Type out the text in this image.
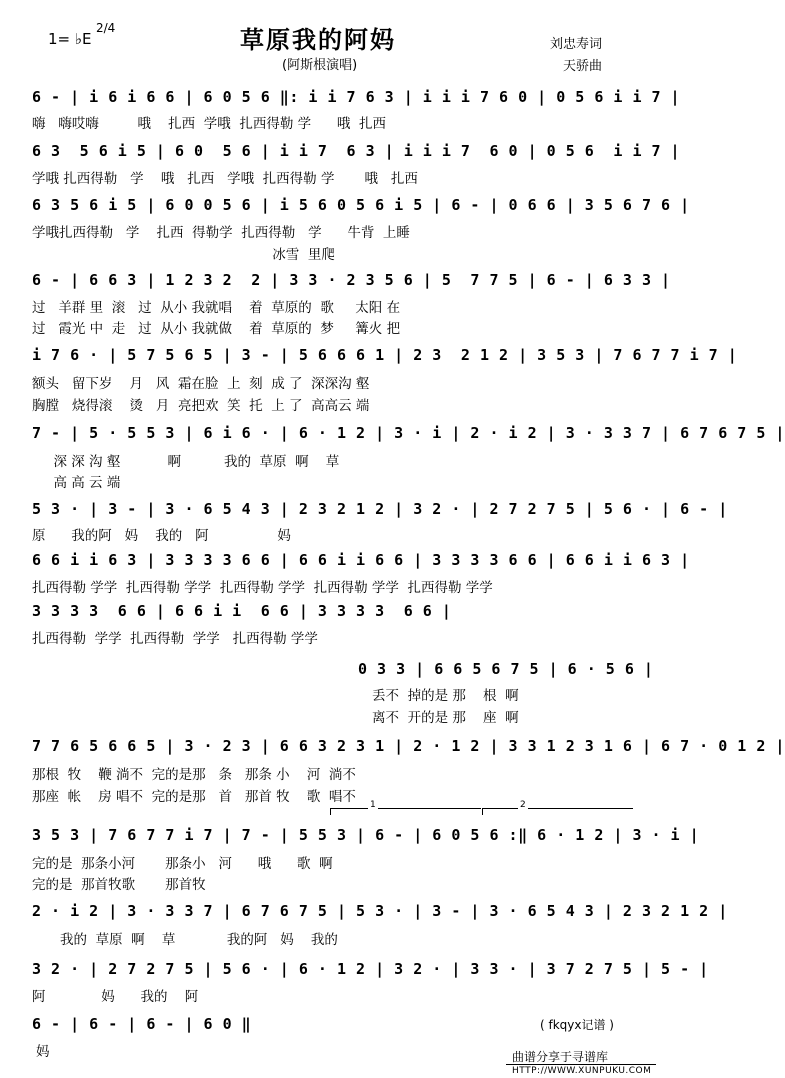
1= ♭E
2/4	草原我的阿妈
(阿斯根演唱)
刘忠寿词
天骄曲
6 - | i 6 i 6 6 | 6 0 5 6 ‖: i i 7 6 3 | i i i 7 6 0 | 0 5 6 i i 7 |
嗨   嗨哎嗨         哦    扎西  学哦  扎西得勒 学      哦  扎西
6 3  5 6 i 5 | 6 0  5 6 | i i 7  6 3 | i i i 7  6 0 | 0 5 6  i i 7 |
学哦 扎西得勒   学    哦   扎西   学哦  扎西得勒 学       哦   扎西
6 3 5 6 i 5 | 6 0 0 5 6 | i 5 6 0 5 6 i 5 | 6 - | 0 6 6 | 3 5 6 7 6 |
学哦扎西得勒   学    扎西  得勒学  扎西得勒   学      牛背  上睡
冰雪  里爬
6 - | 6 6 3 | 1 2 3 2  2 | 3 3 · 2 3 5 6 | 5  7 7 5 | 6 - | 6 3 3 |
过   羊群 里  滚   过  从小 我就唱    着  草原的  歌     太阳 在
过   霞光 中  走   过  从小 我就做    着  草原的  梦     篝火 把
i 7 6 · | 5 7 5 6 5 | 3 - | 5 6 6 6 1 | 2 3  2 1 2 | 3 5 3 | 7 6 7 7 i 7 |
额头   留下岁    月   风  霜在脸  上  刻  成 了  深深沟 壑
胸膛   烧得滚    烫   月  亮把欢  笑  托  上 了  高高云 端
7 - | 5 · 5 5 3 | 6 i 6 · | 6 · 1 2 | 3 · i | 2 · i 2 | 3 · 3 3 7 | 6 7 6 7 5 |
深 深 沟 壑           啊          我的  草原  啊    草
高 高 云 端
5 3 · | 3 - | 3 · 6 5 4 3 | 2 3 2 1 2 | 3 2 · | 2 7 2 7 5 | 5 6 · | 6 - |
原      我的阿   妈    我的   阿                妈
6 6 i i 6 3 | 3 3 3 3 6 6 | 6 6 i i 6 6 | 3 3 3 3 6 6 | 6 6 i i 6 3 |
扎西得勒 学学  扎西得勒 学学  扎西得勒 学学  扎西得勒 学学  扎西得勒 学学
3 3 3 3  6 6 | 6 6 i i  6 6 | 3 3 3 3  6 6 |
扎西得勒  学学  扎西得勒  学学   扎西得勒 学学
0 3 3 | 6 6 5 6 7 5 | 6 · 5 6 |
丢不  掉的是 那    根  啊
离不  开的是 那    座  啊
7 7 6 5 6 6 5 | 3 · 2 3 | 6 6 3 2 3 1 | 2 · 1 2 | 3 3 1 2 3 1 6 | 6 7 · 0 1 2 |
那根  牧    鞭 淌不  完的是那   条   那条 小    河  淌不
那座  帐    房 唱不  完的是那   首   那首 牧    歌  唱不 1	2
3 5 3 | 7 6 7 7 i 7 | 7 - | 5 5 3 | 6 - | 6 0 5 6 :‖ 6 · 1 2 | 3 · i |
完的是  那条小河       那条小   河      哦      歌  啊
完的是  那首牧歌       那首牧
2 · i 2 | 3 · 3 3 7 | 6 7 6 7 5 | 5 3 · | 3 - | 3 · 6 5 4 3 | 2 3 2 1 2 |
我的  草原  啊    草            我的阿   妈    我的
3 2 · | 2 7 2 7 5 | 5 6 · | 6 · 1 2 | 3 2 · | 3 3 · | 3 7 2 7 5 | 5 - |
阿             妈      我的    阿
6 - | 6 - | 6 - | 6 0 ‖
妈
( fkqyx记谱 )
曲谱分享于寻谱库
HTTP://WWW.XUNPUKU.COM
